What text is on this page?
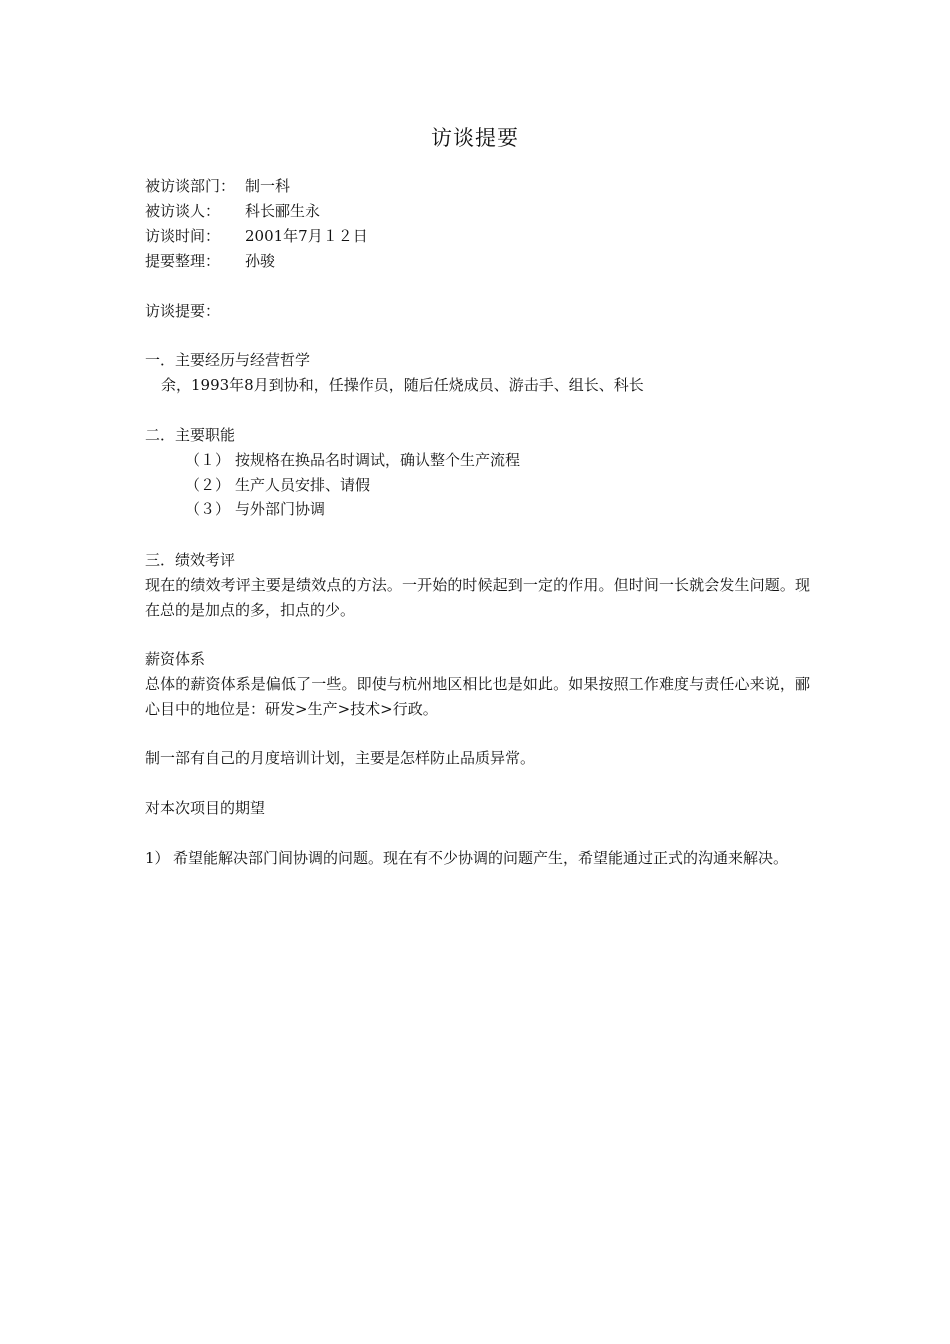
访谈提要
被访谈部门： 制一科
被访谈人： 科长郦生永
访谈时间： 2001年7月１２日
提要整理： 孙骏
访谈提要：
一．主要经历与经营哲学
余，1993年8月到协和，任操作员，随后任烧成员、游击手、组长、科长
二．主要职能
（１） 按规格在换品名时调试，确认整个生产流程
（２） 生产人员安排、请假
（３） 与外部门协调
三．绩效考评
现在的绩效考评主要是绩效点的方法。一开始的时候起到一定的作用。但时间一长就会发生问题。现在总的是加点的多，扣点的少。
薪资体系
总体的薪资体系是偏低了一些。即使与杭州地区相比也是如此。如果按照工作难度与责任心来说，郦心目中的地位是：研发>生产>技术>行政。
制一部有自己的月度培训计划，主要是怎样防止品质异常。
对本次项目的期望
1） 希望能解决部门间协调的问题。现在有不少协调的问题产生，希望能通过正式的沟通来解决。
